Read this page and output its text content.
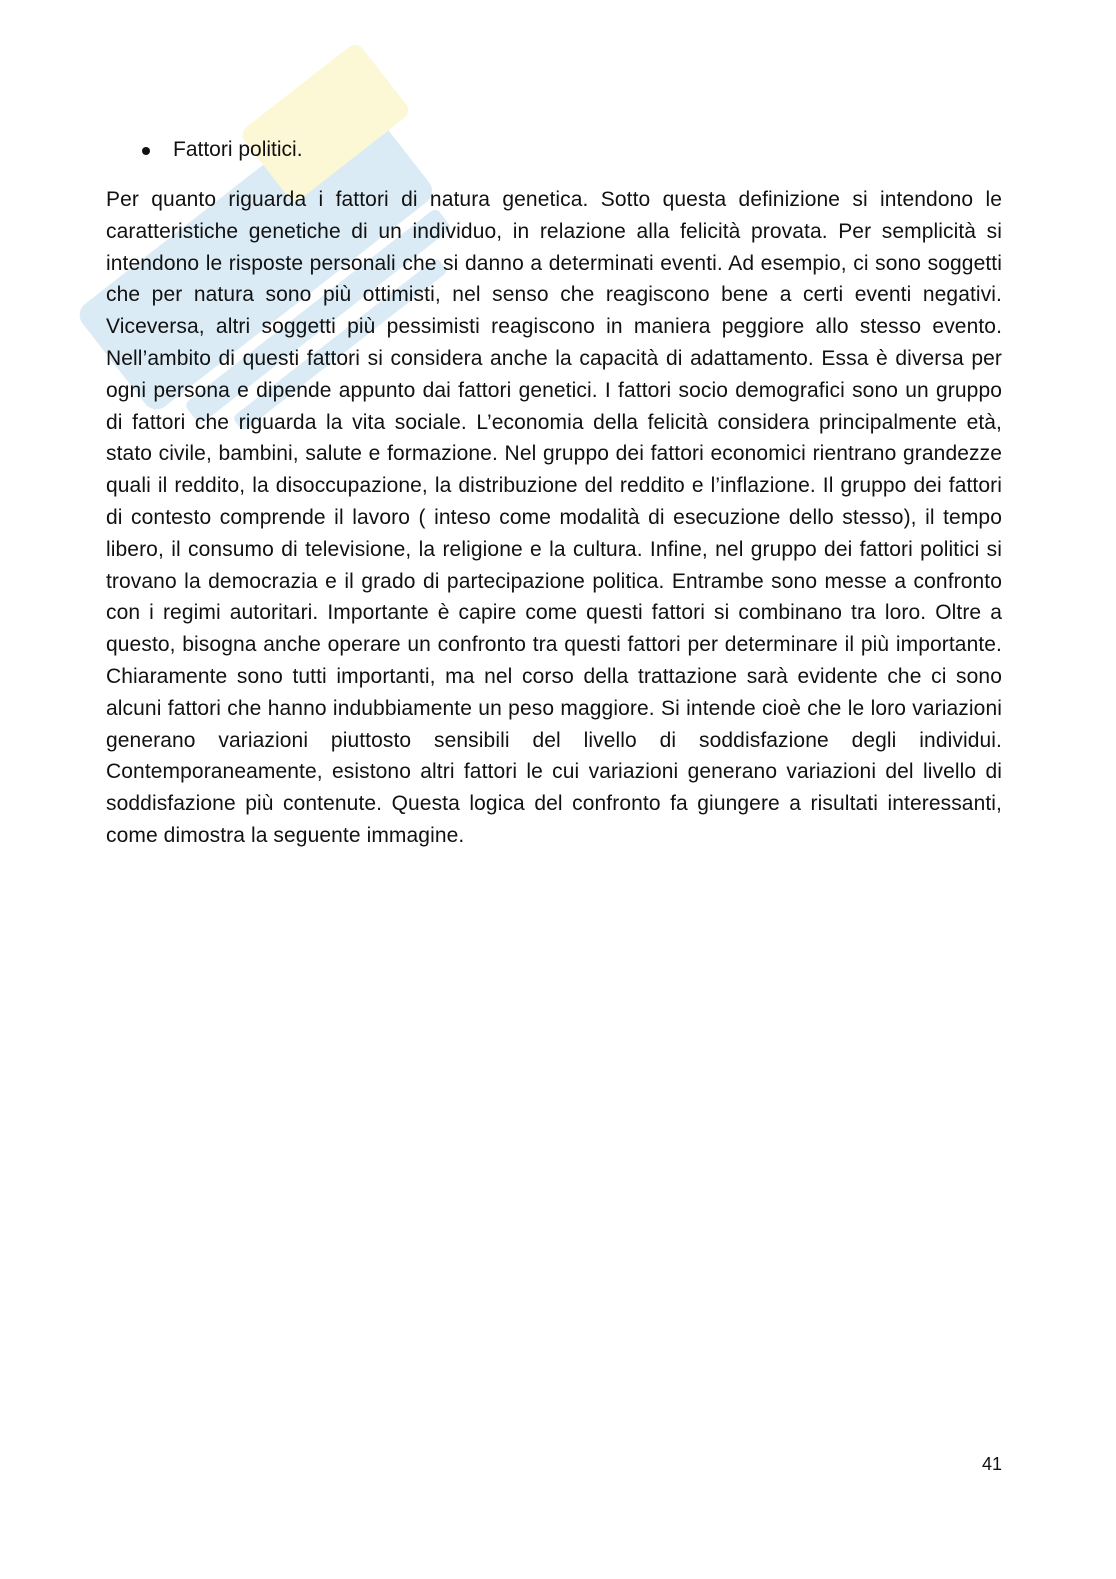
Fattori politici.

Per quanto riguarda i fattori di natura genetica. Sotto questa definizione si intendono le caratteristiche genetiche di un individuo, in relazione alla felicità provata. Per semplicità si intendono le risposte personali che si danno a determinati eventi. Ad esempio, ci sono soggetti che per natura sono più ottimisti, nel senso che reagiscono bene a certi eventi negativi. Viceversa, altri soggetti più pessimisti reagiscono in maniera peggiore allo stesso evento. Nell’ambito di questi fattori si considera anche la capacità di adattamento. Essa è diversa per ogni persona e dipende appunto dai fattori genetici. I fattori socio demografici sono un gruppo di fattori che riguarda la vita sociale. L’economia della felicità considera principalmente età, stato civile, bambini, salute e formazione. Nel gruppo dei fattori economici rientrano grandezze quali il reddito, la disoccupazione, la distribuzione del reddito e l’inflazione. Il gruppo dei fattori di contesto comprende il lavoro ( inteso come modalità di esecuzione dello stesso), il tempo libero, il consumo di televisione, la religione e la cultura. Infine, nel gruppo dei fattori politici si trovano la democrazia e il grado di partecipazione politica. Entrambe sono messe a confronto con i regimi autoritari. Importante è capire come questi fattori si combinano tra loro. Oltre a questo, bisogna anche operare un confronto tra questi fattori per determinare il più importante. Chiaramente sono tutti importanti, ma nel corso della trattazione sarà evidente che ci sono alcuni fattori che hanno indubbiamente un peso maggiore. Si intende cioè che le loro variazioni generano variazioni piuttosto sensibili del livello di soddisfazione degli individui. Contemporaneamente, esistono altri fattori le cui variazioni generano variazioni del livello di soddisfazione più contenute. Questa logica del confronto fa giungere a risultati interessanti, come dimostra la seguente immagine.

41
